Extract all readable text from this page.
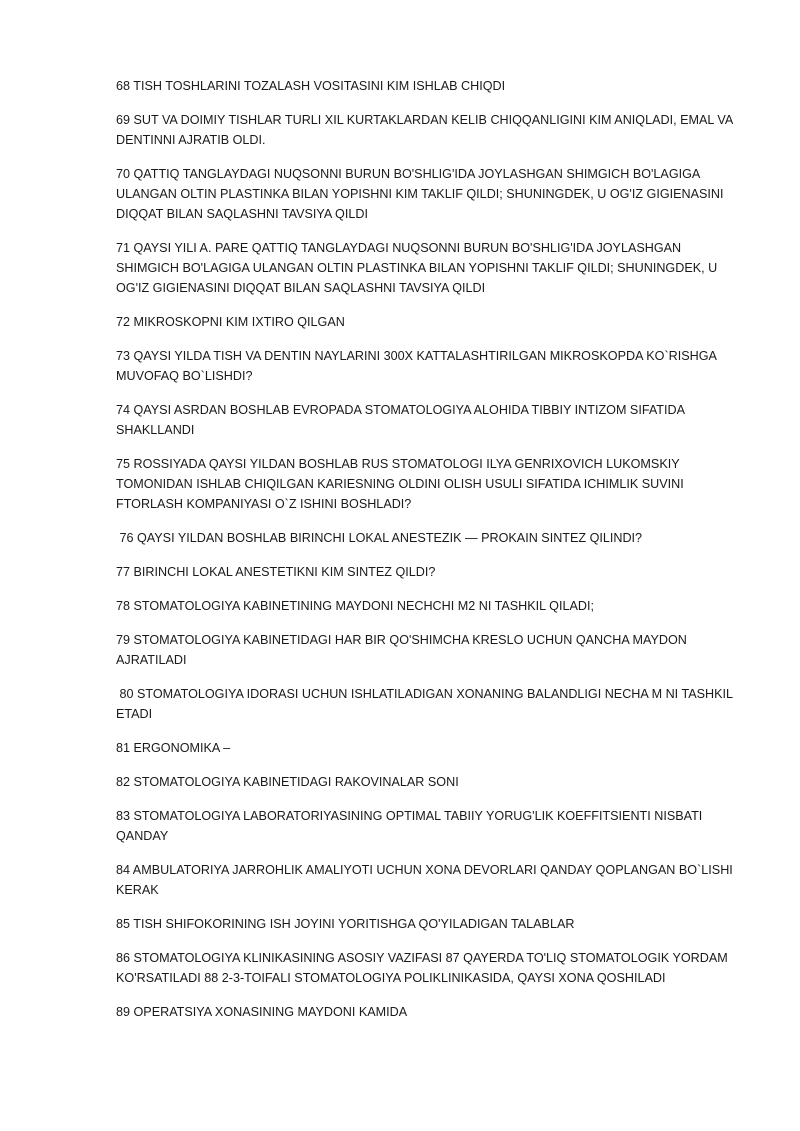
68 TISH TOSHLARINI TOZALASH VOSITASINI KIM ISHLAB CHIQDI

69 SUT VA DOIMIY TISHLAR TURLI XIL KURTAKLARDAN KELIB CHIQQANLIGINI KIM ANIQLADI, EMAL VA DENTINNI AJRATIB OLDI.

70 QATTIQ TANGLAYDAGI NUQSONNI BURUN BO'SHLIG'IDA JOYLASHGAN SHIMGICH BO'LAGIGA ULANGAN OLTIN PLASTINKA BILAN YOPISHNI KIM TAKLIF QILDI; SHUNINGDEK, U OG'IZ GIGIENASINI DIQQAT BILAN SAQLASHNI TAVSIYA QILDI

71 QAYSI YILI A. PARE QATTIQ TANGLAYDAGI NUQSONNI BURUN BO'SHLIG'IDA JOYLASHGAN SHIMGICH BO'LAGIGA ULANGAN OLTIN PLASTINKA BILAN YOPISHNI TAKLIF QILDI; SHUNINGDEK, U OG'IZ GIGIENASINI DIQQAT BILAN SAQLASHNI TAVSIYA QILDI

72 MIKROSKOPNI KIM IXTIRO QILGAN

73 QAYSI YILDA TISH VA DENTIN NAYLARINI 300X KATTALASHTIRILGAN MIKROSKOPDA KO`RISHGA MUVOFAQ BO`LISHDI?

74 QAYSI ASRDAN BOSHLAB EVROPADA STOMATOLOGIYA ALOHIDA TIBBIY INTIZOM SIFATIDA SHAKLLANDI

75 ROSSIYADA QAYSI YILDAN BOSHLAB RUS STOMATOLOGI ILYA GENRIXOVICH LUKOMSKIY TOMONIDAN ISHLAB CHIQILGAN KARIESNING OLDINI OLISH USULI SIFATIDA ICHIMLIK SUVINI FTORLASH KOMPANIYASI O`Z ISHINI BOSHLADI?

76 QAYSI YILDAN BOSHLAB BIRINCHI LOKAL ANESTEZIK — PROKAIN SINTEZ QILINDI?

77 BIRINCHI LOKAL ANESTETIKNI KIM SINTEZ QILDI?

78 STOMATOLOGIYA KABINETINING MAYDONI NECHCHI M2 NI TASHKIL QILADI;

79 STOMATOLOGIYA KABINETIDAGI HAR BIR QO'SHIMCHA KRESLO UCHUN QANCHA MAYDON AJRATILADI

80 STOMATOLOGIYA IDORASI UCHUN ISHLATILADIGAN XONANING BALANDLIGI NECHA M NI TASHKIL ETADI

81 ERGONOMIKA –

82 STOMATOLOGIYA KABINETIDAGI RAKOVINALAR SONI

83 STOMATOLOGIYA LABORATORIYASINING OPTIMAL TABIIY YORUG'LIK KOEFFITSIENTI NISBATI QANDAY

84 AMBULATORIYA JARROHLIK AMALIYOTI UCHUN XONA DEVORLARI QANDAY QOPLANGAN BO`LISHI KERAK

85 TISH SHIFOKORINING ISH JOYINI YORITISHGA QO'YILADIGAN TALABLAR

86 STOMATOLOGIYA KLINIKASINING ASOSIY VAZIFASI 87 QAYERDA TO'LIQ STOMATOLOGIK YORDAM KO'RSATILADI 88 2-3-TOIFALI STOMATOLOGIYA POLIKLINIKASIDA, QAYSI XONA QOSHILADI

89 OPERATSIYA XONASINING MAYDONI KAMIDA
